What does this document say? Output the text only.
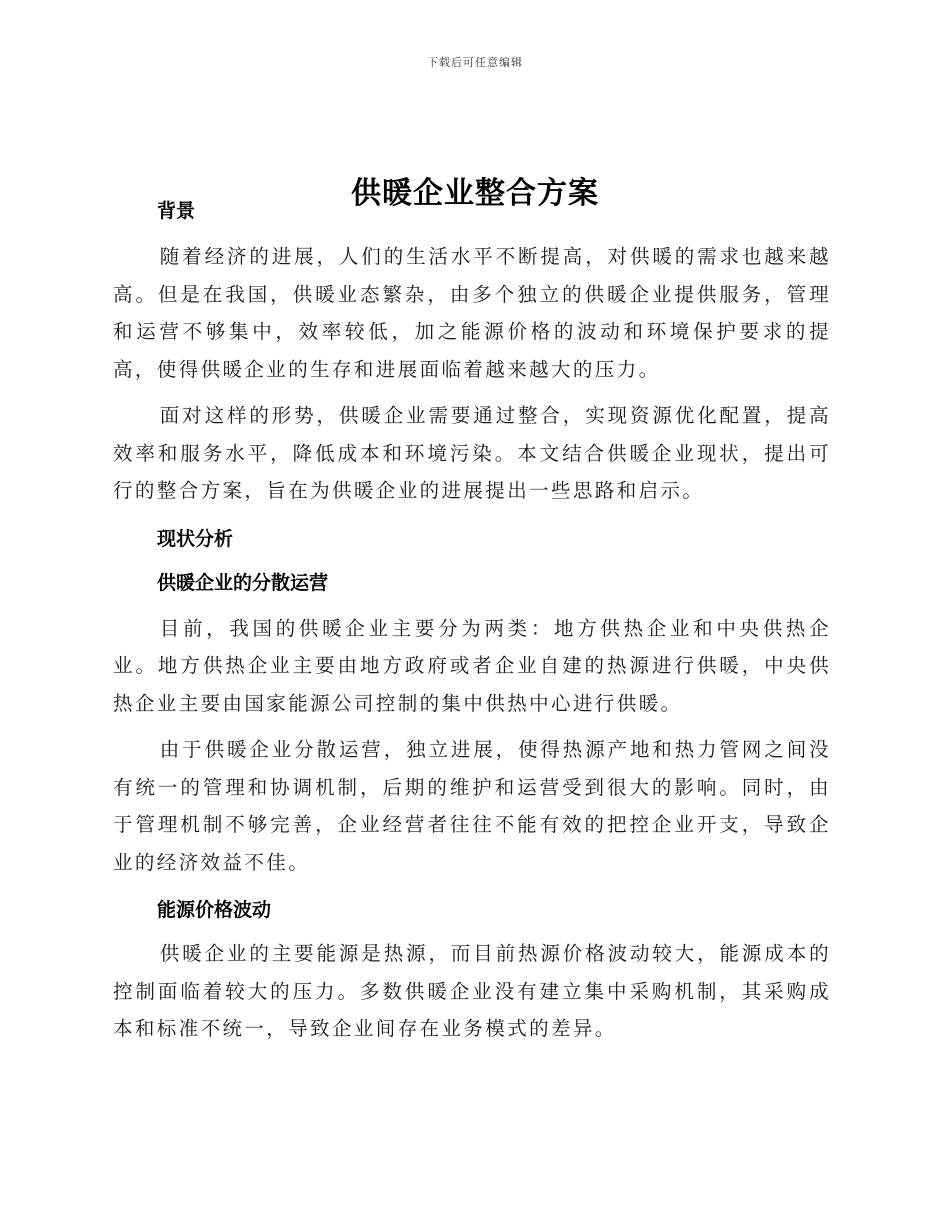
下载后可任意编辑
供暖企业整合方案
背景

随着经济的进展，人们的生活水平不断提高，对供暖的需求也越来越高。但是在我国，供暖业态繁杂，由多个独立的供暖企业提供服务，管理和运营不够集中，效率较低，加之能源价格的波动和环境保护要求的提高，使得供暖企业的生存和进展面临着越来越大的压力。

面对这样的形势，供暖企业需要通过整合，实现资源优化配置，提高效率和服务水平，降低成本和环境污染。本文结合供暖企业现状，提出可行的整合方案，旨在为供暖企业的进展提出一些思路和启示。

现状分析
供暖企业的分散运营

目前，我国的供暖企业主要分为两类：地方供热企业和中央供热企业。地方供热企业主要由地方政府或者企业自建的热源进行供暖，中央供热企业主要由国家能源公司控制的集中供热中心进行供暖。

由于供暖企业分散运营，独立进展，使得热源产地和热力管网之间没有统一的管理和协调机制，后期的维护和运营受到很大的影响。同时，由于管理机制不够完善，企业经营者往往不能有效的把控企业开支，导致企业的经济效益不佳。

能源价格波动

供暖企业的主要能源是热源，而目前热源价格波动较大，能源成本的控制面临着较大的压力。多数供暖企业没有建立集中采购机制，其采购成本和标准不统一，导致企业间存在业务模式的差异。
